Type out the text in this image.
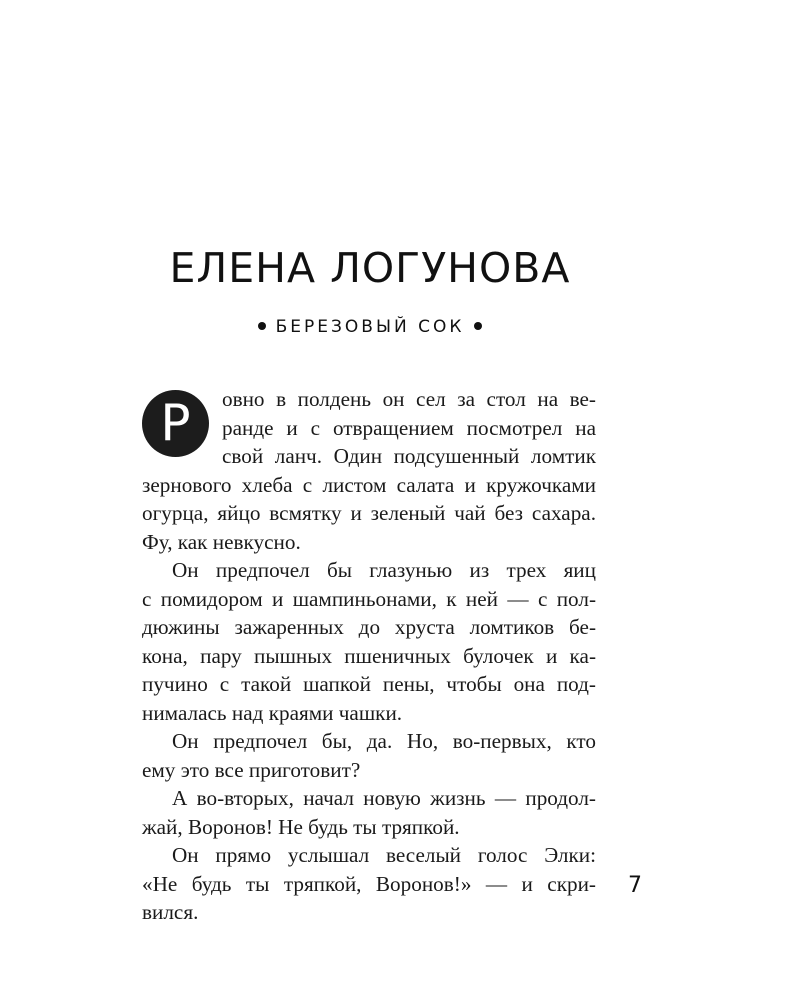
ЕЛЕНА ЛОГУНОВА
БЕРЕЗОВЫЙ СОК
Р	овно в полдень он сел за стол на ве-
ранде и с отвращением посмотрел на
свой ланч. Один подсушенный ломтик
зернового хлеба с листом салата и кружочками
огурца, яйцо всмятку и зеленый чай без сахара.
Фу, как невкусно.
Он предпочел бы глазунью из трех яиц
с помидором и шампиньонами, к ней — с пол-
дюжины зажаренных до хруста ломтиков бе-
кона, пару пышных пшеничных булочек и ка-
пучино с такой шапкой пены, чтобы она под-
нималась над краями чашки.
Он предпочел бы, да. Но, во-первых, кто
ему это все приготовит?
А во-вторых, начал новую жизнь — продол-
жай, Воронов! Не будь ты тряпкой.
Он прямо услышал веселый голос Элки:
«Не будь ты тряпкой, Воронов!» — и скри-
вился.
7
